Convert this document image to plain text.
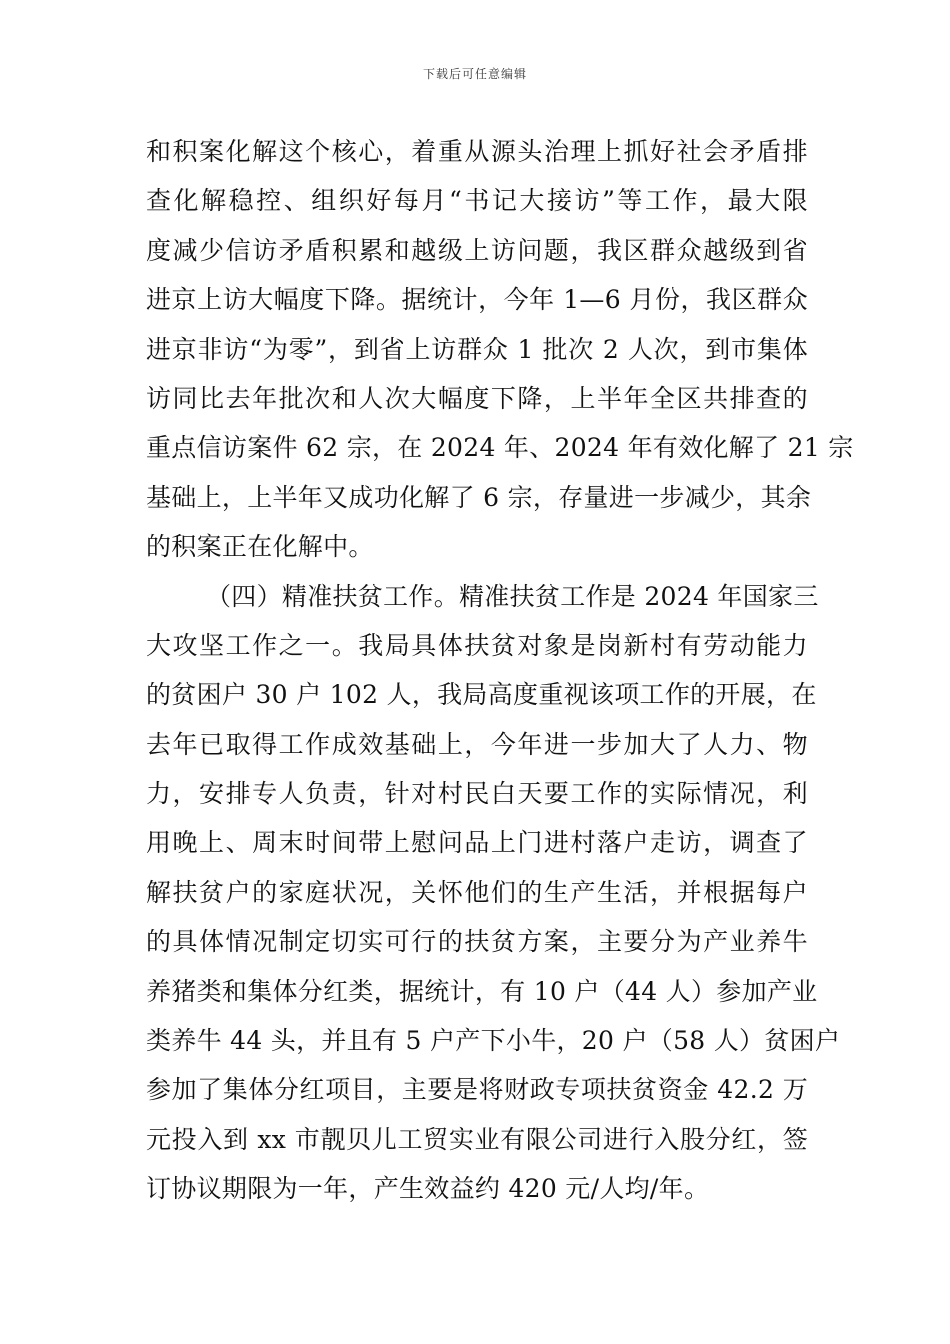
下载后可任意编辑
和积案化解这个核心，着重从源头治理上抓好社会矛盾排
查化解稳控、组织好每月“书记大接访”等工作，最大限
度减少信访矛盾积累和越级上访问题，我区群众越级到省
进京上访大幅度下降。据统计，今年 1—6 月份，我区群众
进京非访“为零”，到省上访群众 1 批次 2 人次，到市集体
访同比去年批次和人次大幅度下降，上半年全区共排查的
重点信访案件 62 宗，在 2024 年、2024 年有效化解了 21 宗
基础上，上半年又成功化解了 6 宗，存量进一步减少，其余
的积案正在化解中。
（四）精准扶贫工作。精准扶贫工作是 2024 年国家三
大攻坚工作之一。我局具体扶贫对象是岗新村有劳动能力
的贫困户 30 户 102 人，我局高度重视该项工作的开展，在
去年已取得工作成效基础上，今年进一步加大了人力、物
力，安排专人负责，针对村民白天要工作的实际情况，利
用晚上、周末时间带上慰问品上门进村落户走访，调查了
解扶贫户的家庭状况，关怀他们的生产生活，并根据每户
的具体情况制定切实可行的扶贫方案，主要分为产业养牛
养猪类和集体分红类，据统计，有 10 户（44 人）参加产业
类养牛 44 头，并且有 5 户产下小牛，20 户（58 人）贫困户
参加了集体分红项目，主要是将财政专项扶贫资金 42.2 万
元投入到 xx 市靓贝儿工贸实业有限公司进行入股分红，签
订协议期限为一年，产生效益约 420 元/人均/年。
